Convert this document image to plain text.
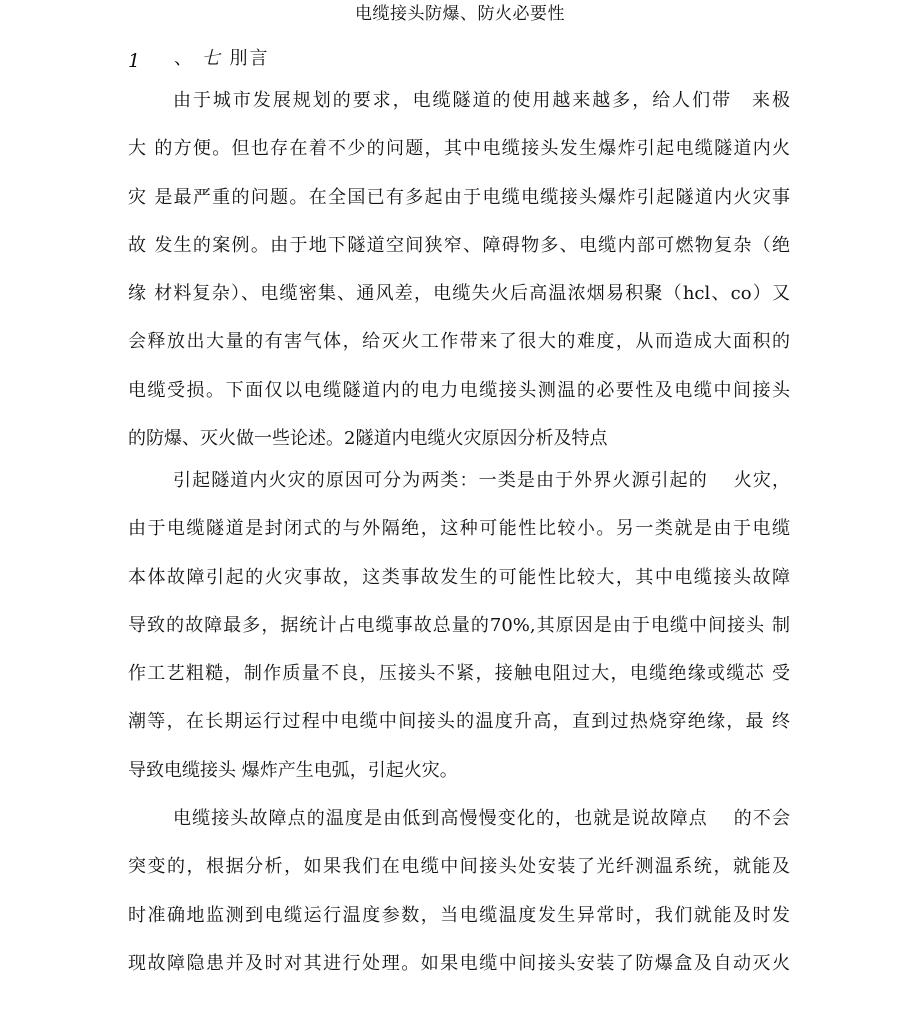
电缆接头防爆、防火必要性
1 、 七 刖言
由于城市发展规划的要求，电缆隧道的使用越来越多，给人们带　来极
大 的方便。但也存在着不少的问题，其中电缆接头发生爆炸引起电缆隧道内火
灾 是最严重的问题。在全国已有多起由于电缆电缆接头爆炸引起隧道内火灾事
故 发生的案例。由于地下隧道空间狭窄、障碍物多、电缆内部可燃物复杂（绝
缘 材料复杂）、电缆密集、通风差，电缆失火后高温浓烟易积聚（hcl、co）又
会释放出大量的有害气体，给灭火工作带来了很大的难度，从而造成大面积的
电缆受损。下面仅以电缆隧道内的电力电缆接头测温的必要性及电缆中间接头
的防爆、灭火做一些论述。2隧道内电缆火灾原因分析及特点
引起隧道内火灾的原因可分为两类：一类是由于外界火源引起的　 火灾，
由于电缆隧道是封闭式的与外隔绝，这种可能性比较小。另一类就是由于电缆
本体故障引起的火灾事故，这类事故发生的可能性比较大，其中电缆接头故障
导致的故障最多，据统计占电缆事故总量的70%,其原因是由于电缆中间接头 制
作工艺粗糙，制作质量不良，压接头不紧，接触电阻过大，电缆绝缘或缆芯 受
潮等，在长期运行过程中电缆中间接头的温度升高，直到过热烧穿绝缘，最 终
导致电缆接头 爆炸产生电弧，引起火灾。
电缆接头故障点的温度是由低到高慢慢变化的，也就是说故障点　 的不会
突变的，根据分析，如果我们在电缆中间接头处安装了光纤测温系统，就能及
时准确地监测到电缆运行温度参数，当电缆温度发生异常时，我们就能及时发
现故障隐患并及时对其进行处理。如果电缆中间接头安装了防爆盒及自动灭火
